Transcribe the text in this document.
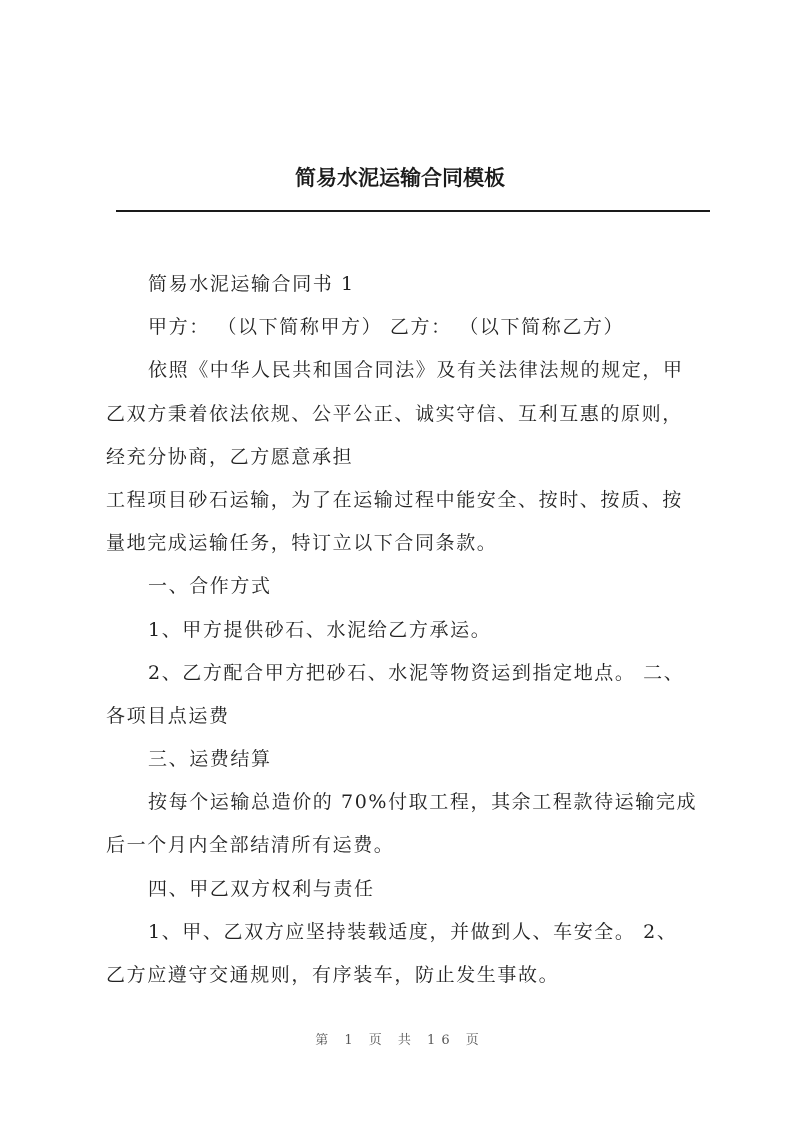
简易水泥运输合同模板
简易水泥运输合同书 1
甲方： （以下简称甲方） 乙方： （以下简称乙方）
依照《中华人民共和国合同法》及有关法律法规的规定，甲
乙双方秉着依法依规、公平公正、诚实守信、互利互惠的原则，
经充分协商，乙方愿意承担
工程项目砂石运输，为了在运输过程中能安全、按时、按质、按
量地完成运输任务，特订立以下合同条款。
一、合作方式
1、甲方提供砂石、水泥给乙方承运。
2、乙方配合甲方把砂石、水泥等物资运到指定地点。 二、
各项目点运费
三、运费结算
按每个运输总造价的 70%付取工程，其余工程款待运输完成
后一个月内全部结清所有运费。
四、甲乙双方权利与责任
1、甲、乙双方应坚持装载适度，并做到人、车安全。 2、
乙方应遵守交通规则，有序装车，防止发生事故。
第 1 页 共 16 页
